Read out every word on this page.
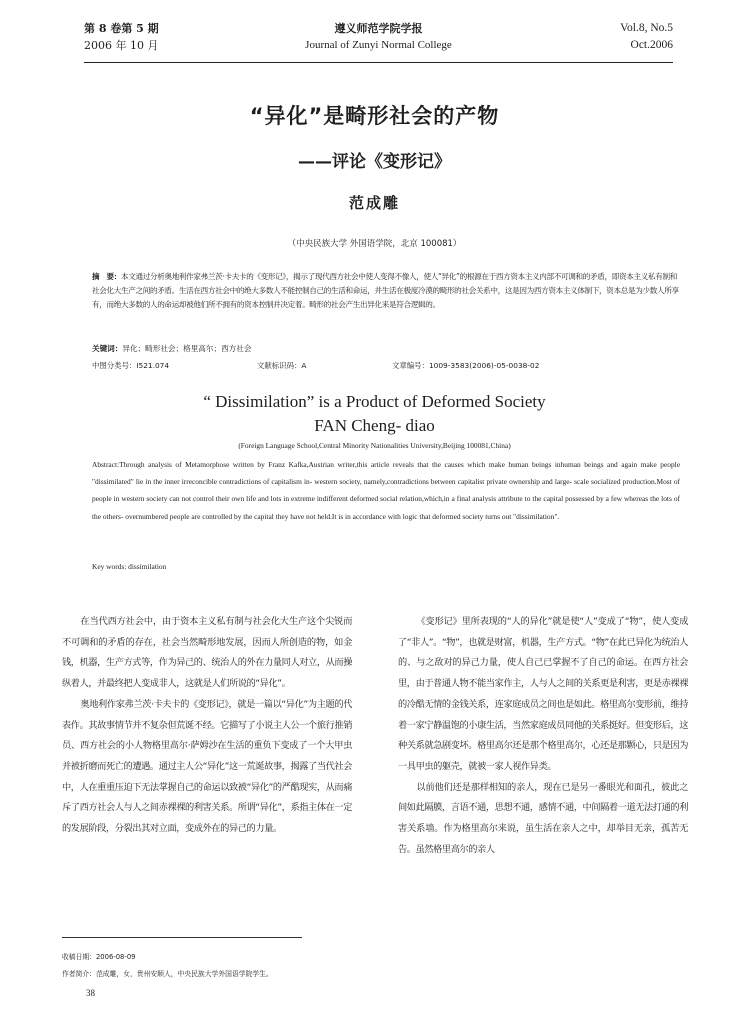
第 8 卷第 5 期
2006 年 10 月
遵义师范学院学报
Journal of Zunyi Normal College
Vol.8, No.5
Oct.2006
“异化”是畸形社会的产物
——评论《变形记》
范成雕
（中央民族大学 外国语学院，北京 100081）
摘　要：本文通过分析奥地利作家弗兰茨·卡夫卡的《变形记》，揭示了现代西方社会中使人变得不像人，使人“异化”的根源在于西方资本主义内部不可调和的矛盾，即资本主义私有制和社会化大生产之间的矛盾。生活在西方社会中的绝大多数人不能控制自己的生活和命运，并生活在极度冷漠的畸形的社会关系中，这是因为西方资本主义体制下，资本总是为少数人所享有，而绝大多数的人的命运却被他们所不拥有的资本控制并决定着。畸形的社会产生出异化来是符合逻辑的。
关键词：异化；畸形社会；格里高尔；西方社会
中图分类号：I521.074	文献标识码：A	文章编号：1009-3583(2006)-05-0038-02
“ Dissimilation” is a Product of Deformed Society
FAN Cheng- diao
(Foreign Language School,Central Minority Nationalities University,Beijing 100081,China)
Abstract:Through analysis of Metamorphose written by Franz Kafka,Austrian writer,this article reveals that the causes which make human beings inhuman beings and again make people "dissimilated" lie in the inner irreconcible contradictions of capitalism in- western society, namely,contradictions between capitalist private ownership and large- scale socialized production.Most of people in western society can not control their own life and lots in extreme indifferent deformed social relation,which,in a final analysis attribute to the capital possessed by a few whereas the lots of the others- overnumbered people are controlled by the capital they have not held.It is in accordance with logic that deformed society turns out "dissimilation".
Key words: dissimilation

在当代西方社会中，由于资本主义私有制与社会化大生产这个尖锐而不可调和的矛盾的存在，社会当然畸形地发展，因而人所创造的物，如金钱，机器，生产方式等，作为异己的、统治人的外在力量同人对立，从而操纵着人，并最终把人变成非人，这就是人们所说的“异化”。

奥地利作家弗兰茨·卡夫卡的《变形记》，就是一篇以“异化”为主题的代表作。其故事情节并不复杂但荒诞不经。它描写了小说主人公一个旅行推销员、西方社会的小人物格里高尔·萨姆沙在生活的重负下变成了一个大甲虫并被折磨而死亡的遭遇。通过主人公“异化”这一荒诞故事，揭露了当代社会中，人在重重压迫下无法掌握自己的命运以致被“异化”的严酷现实，从而痛斥了西方社会人与人之间赤裸裸的利害关系。所谓“异化”，系指主体在一定的发展阶段，分裂出其对立面，变成外在的异己的力量。

《变形记》里所表现的“人的异化”就是使“人”变成了“物”，使人变成了“非人”。“物”，也就是财富，机器，生产方式。“物”在此已异化为统治人的、与之敌对的异己力量，使人自己已掌握不了自己的命运。在西方社会里，由于普通人物不能当家作主，人与人之间的关系更是利害，更是赤裸裸的冷酷无情的金钱关系，连家庭成员之间也是如此。格里高尔变形前，维持着一家宁静温饱的小康生活，当然家庭成员同他的关系挺好。但变形后，这种关系就急剧变坏。格里高尔还是那个格里高尔，心还是那颗心，只是因为一具甲虫的躯壳，就被一家人视作异类。

以前他们还是那样相知的亲人，现在已是另一番眼光和面孔，彼此之间如此隔膜，言语不通，思想不通，感情不通，中间隔着一道无法打通的利害关系墙。作为格里高尔来说，虽生活在亲人之中，却举目无亲，孤苦无告。虽然格里高尔的亲人

收稿日期：2006-08-09
作者简介：范成雕，女，贵州安顺人，中央民族大学外国语学院学生。
38
